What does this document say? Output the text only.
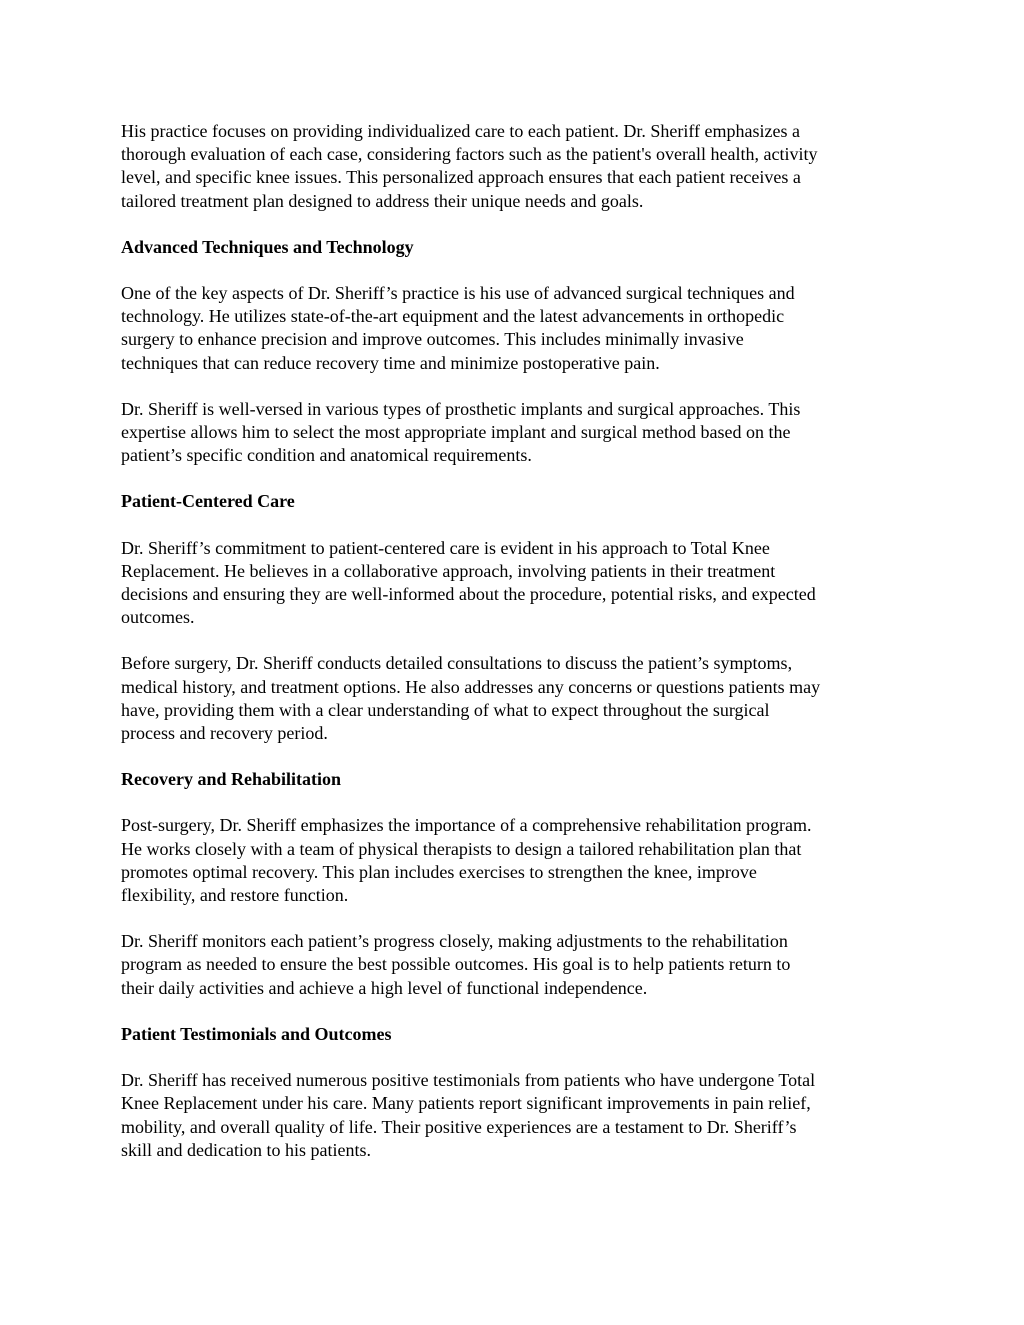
His practice focuses on providing individualized care to each patient. Dr. Sheriff emphasizes a
thorough evaluation of each case, considering factors such as the patient's overall health, activity
level, and specific knee issues. This personalized approach ensures that each patient receives a
tailored treatment plan designed to address their unique needs and goals.

Advanced Techniques and Technology

One of the key aspects of Dr. Sheriff’s practice is his use of advanced surgical techniques and
technology. He utilizes state-of-the-art equipment and the latest advancements in orthopedic
surgery to enhance precision and improve outcomes. This includes minimally invasive
techniques that can reduce recovery time and minimize postoperative pain.

Dr. Sheriff is well-versed in various types of prosthetic implants and surgical approaches. This
expertise allows him to select the most appropriate implant and surgical method based on the
patient’s specific condition and anatomical requirements.

Patient-Centered Care

Dr. Sheriff’s commitment to patient-centered care is evident in his approach to Total Knee
Replacement. He believes in a collaborative approach, involving patients in their treatment
decisions and ensuring they are well-informed about the procedure, potential risks, and expected
outcomes.

Before surgery, Dr. Sheriff conducts detailed consultations to discuss the patient’s symptoms,
medical history, and treatment options. He also addresses any concerns or questions patients may
have, providing them with a clear understanding of what to expect throughout the surgical
process and recovery period.

Recovery and Rehabilitation

Post-surgery, Dr. Sheriff emphasizes the importance of a comprehensive rehabilitation program.
He works closely with a team of physical therapists to design a tailored rehabilitation plan that
promotes optimal recovery. This plan includes exercises to strengthen the knee, improve
flexibility, and restore function.

Dr. Sheriff monitors each patient’s progress closely, making adjustments to the rehabilitation
program as needed to ensure the best possible outcomes. His goal is to help patients return to
their daily activities and achieve a high level of functional independence.

Patient Testimonials and Outcomes

Dr. Sheriff has received numerous positive testimonials from patients who have undergone Total
Knee Replacement under his care. Many patients report significant improvements in pain relief,
mobility, and overall quality of life. Their positive experiences are a testament to Dr. Sheriff’s
skill and dedication to his patients.
